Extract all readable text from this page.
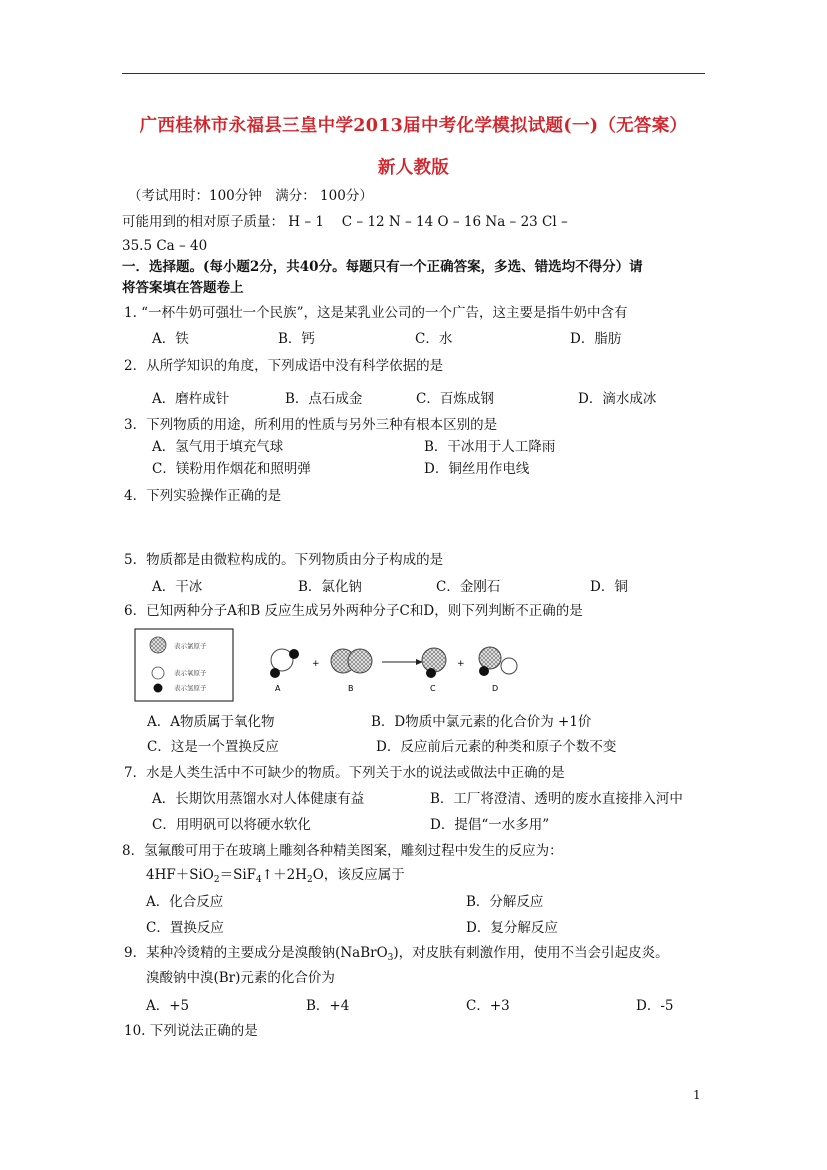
广西桂林市永福县三皇中学2013届中考化学模拟试题(一)（无答案）
新人教版
（考试用时：100分钟　满分： 100分）
可能用到的相对原子质量： H – 1　 C – 12 N – 14 O – 16 Na – 23 Cl –
35.5 Ca – 40
一．选择题。(每小题2分，共40分。每题只有一个正确答案，多选、错选均不得分）请
将答案填在答题卷上
1. “一杯牛奶可强壮一个民族”，这是某乳业公司的一个广告，这主要是指牛奶中含有
A．铁	B．钙	C．水	D．脂肪
2．从所学知识的角度，下列成语中没有科学依据的是
A．磨杵成针	B．点石成金	C．百炼成钢	D．滴水成冰
3．下列物质的用途，所利用的性质与另外三种有根本区别的是
A．氢气用于填充气球	B．干冰用于人工降雨
C．镁粉用作烟花和照明弹	D．铜丝用作电线
4．下列实验操作正确的是
5．物质都是由微粒构成的。下列物质由分子构成的是
A．干冰	B．氯化钠	C．金刚石	D．铜
6．已知两种分子A和B 反应生成另外两种分子C和D，则下列判断不正确的是
表示氯原子
表示氧原子
表示氢原子	A
+
B	C
+
D
A．A物质属于氧化物	B．D物质中氯元素的化合价为 +1价
C．这是一个置换反应	D．反应前后元素的种类和原子个数不变
7．水是人类生活中不可缺少的物质。下列关于水的说法或做法中正确的是
A．长期饮用蒸馏水对人体健康有益	B．工厂将澄清、透明的废水直接排入河中
C．用明矾可以将硬水软化	D．提倡“一水多用”
8．氢氟酸可用于在玻璃上雕刻各种精美图案，雕刻过程中发生的反应为：
$4HF+SiO_2=SiF_4↑+2H_2O$，该反应属于
A．化合反应	B．分解反应
C．置换反应	D．复分解反应
9．某种冷烫精的主要成分是溴酸钠(NaBrO$_3$)，对皮肤有刺激作用，使用不当会引起皮炎。
溴酸钠中溴(Br)元素的化合价为
A．+5	B．+4	C．+3	D．-5
10. 下列说法正确的是
1
